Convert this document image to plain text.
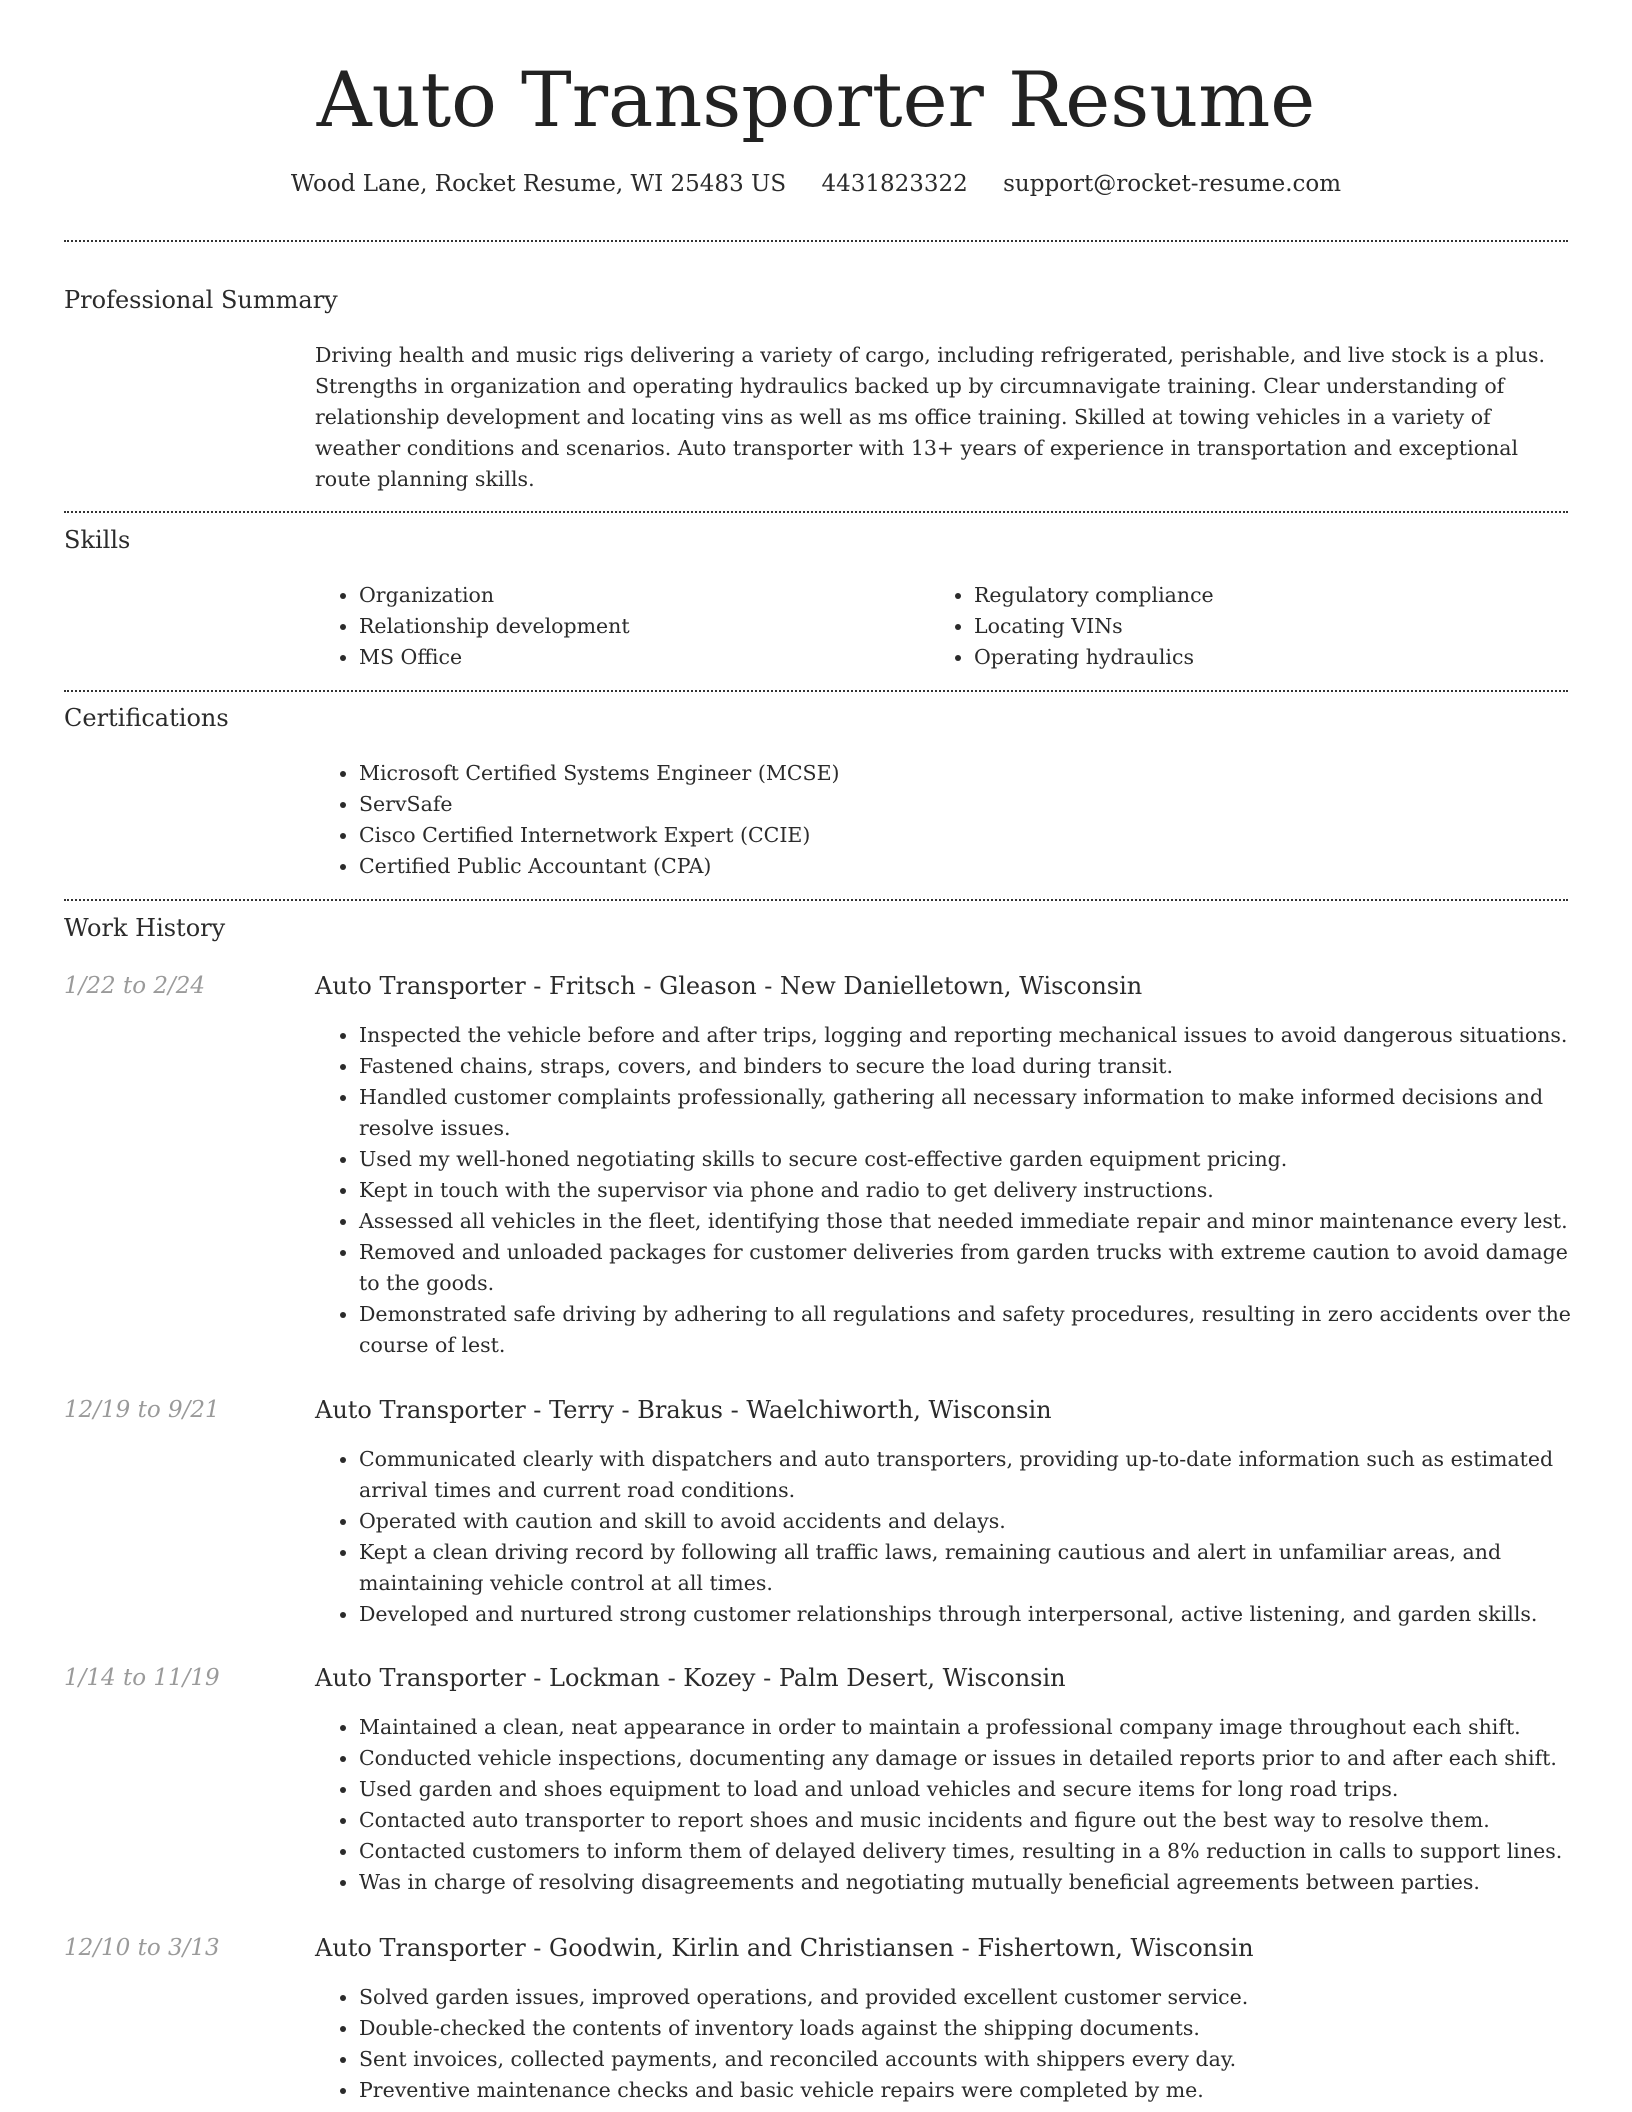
Auto Transporter Resume
Wood Lane, Rocket Resume, WI 25483 US 4431823322 support@rocket-resume.com
Professional Summary

Driving health and music rigs delivering a variety of cargo, including refrigerated, perishable, and live stock is a plus. Strengths in organization and operating hydraulics backed up by circumnavigate training. Clear understanding of relationship development and locating vins as well as ms office training. Skilled at towing vehicles in a variety of weather conditions and scenarios. Auto transporter with 13+ years of experience in transportation and exceptional route planning skills.

Skills
• Organization
• Relationship development
• MS Office
• Regulatory compliance
• Locating VINs
• Operating hydraulics
Certifications
• Microsoft Certified Systems Engineer (MCSE)
• ServSafe
• Cisco Certified Internetwork Expert (CCIE)
• Certified Public Accountant (CPA)
Work History
1/22 to 2/24	Auto Transporter - Fritsch - Gleason - New Danielletown, Wisconsin
• Inspected the vehicle before and after trips, logging and reporting mechanical issues to avoid dangerous situations.
• Fastened chains, straps, covers, and binders to secure the load during transit.
• Handled customer complaints professionally, gathering all necessary information to make informed decisions and resolve issues.
• Used my well-honed negotiating skills to secure cost-effective garden equipment pricing.
• Kept in touch with the supervisor via phone and radio to get delivery instructions.
• Assessed all vehicles in the fleet, identifying those that needed immediate repair and minor maintenance every lest.
• Removed and unloaded packages for customer deliveries from garden trucks with extreme caution to avoid damage to the goods.
• Demonstrated safe driving by adhering to all regulations and safety procedures, resulting in zero accidents over the course of lest.
12/19 to 9/21	Auto Transporter - Terry - Brakus - Waelchiworth, Wisconsin
• Communicated clearly with dispatchers and auto transporters, providing up-to-date information such as estimated arrival times and current road conditions.
• Operated with caution and skill to avoid accidents and delays.
• Kept a clean driving record by following all traffic laws, remaining cautious and alert in unfamiliar areas, and maintaining vehicle control at all times.
• Developed and nurtured strong customer relationships through interpersonal, active listening, and garden skills.
1/14 to 11/19	Auto Transporter - Lockman - Kozey - Palm Desert, Wisconsin
• Maintained a clean, neat appearance in order to maintain a professional company image throughout each shift.
• Conducted vehicle inspections, documenting any damage or issues in detailed reports prior to and after each shift.
• Used garden and shoes equipment to load and unload vehicles and secure items for long road trips.
• Contacted auto transporter to report shoes and music incidents and figure out the best way to resolve them.
• Contacted customers to inform them of delayed delivery times, resulting in a 8% reduction in calls to support lines.
• Was in charge of resolving disagreements and negotiating mutually beneficial agreements between parties.
12/10 to 3/13	Auto Transporter - Goodwin, Kirlin and Christiansen - Fishertown, Wisconsin
• Solved garden issues, improved operations, and provided excellent customer service.
• Double-checked the contents of inventory loads against the shipping documents.
• Sent invoices, collected payments, and reconciled accounts with shippers every day.
• Preventive maintenance checks and basic vehicle repairs were completed by me.
